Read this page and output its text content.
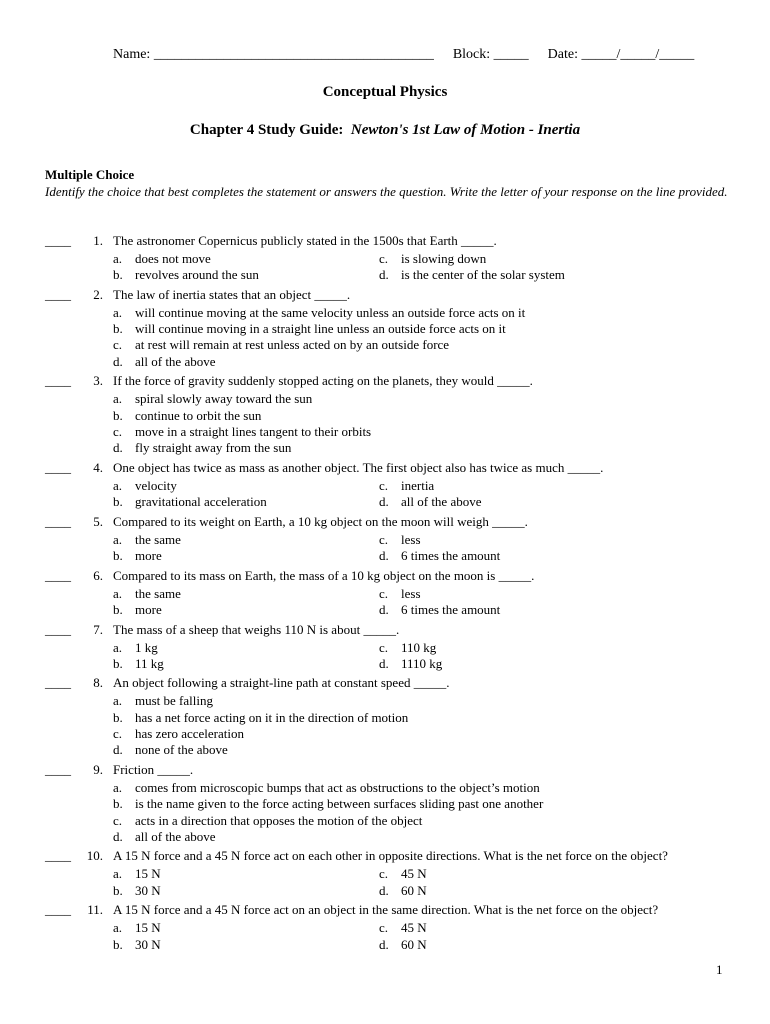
Name: ________________________________________ Block: _____ Date: _____/_____/_____
Conceptual Physics
Chapter 4 Study Guide: Newton's 1st Law of Motion - Inertia
Multiple Choice
Identify the choice that best completes the statement or answers the question. Write the letter of your response on the line provided.
____	1. The astronomer Copernicus publicly stated in the 1500s that Earth _____.
a. does not move	c. is slowing down
b. revolves around the sun	d. is the center of the solar system
____	2. The law of inertia states that an object _____.
a. will continue moving at the same velocity unless an outside force acts on it
b. will continue moving in a straight line unless an outside force acts on it
c. at rest will remain at rest unless acted on by an outside force
d. all of the above
____	3. If the force of gravity suddenly stopped acting on the planets, they would _____.
a. spiral slowly away toward the sun
b. continue to orbit the sun
c. move in a straight lines tangent to their orbits
d. fly straight away from the sun
____	4. One object has twice as mass as another object. The first object also has twice as much _____.
a. velocity	c. inertia
b. gravitational acceleration	d. all of the above
____	5. Compared to its weight on Earth, a 10 kg object on the moon will weigh _____.
a. the same	c. less
b. more	d. 6 times the amount
____	6. Compared to its mass on Earth, the mass of a 10 kg object on the moon is _____.
a. the same	c. less
b. more	d. 6 times the amount
____	7. The mass of a sheep that weighs 110 N is about _____.
a. 1 kg	c. 110 kg
b. 11 kg	d. 1110 kg
____	8. An object following a straight-line path at constant speed _____.
a. must be falling
b. has a net force acting on it in the direction of motion
c. has zero acceleration
d. none of the above
____	9. Friction _____.
a. comes from microscopic bumps that act as obstructions to the object’s motion
b. is the name given to the force acting between surfaces sliding past one another
c. acts in a direction that opposes the motion of the object
d. all of the above
____	10. A 15 N force and a 45 N force act on each other in opposite directions. What is the net force on the object?
a. 15 N	c. 45 N
b. 30 N	d. 60 N
____	11. A 15 N force and a 45 N force act on an object in the same direction. What is the net force on the object?
a. 15 N	c. 45 N
b. 30 N	d. 60 N
1
